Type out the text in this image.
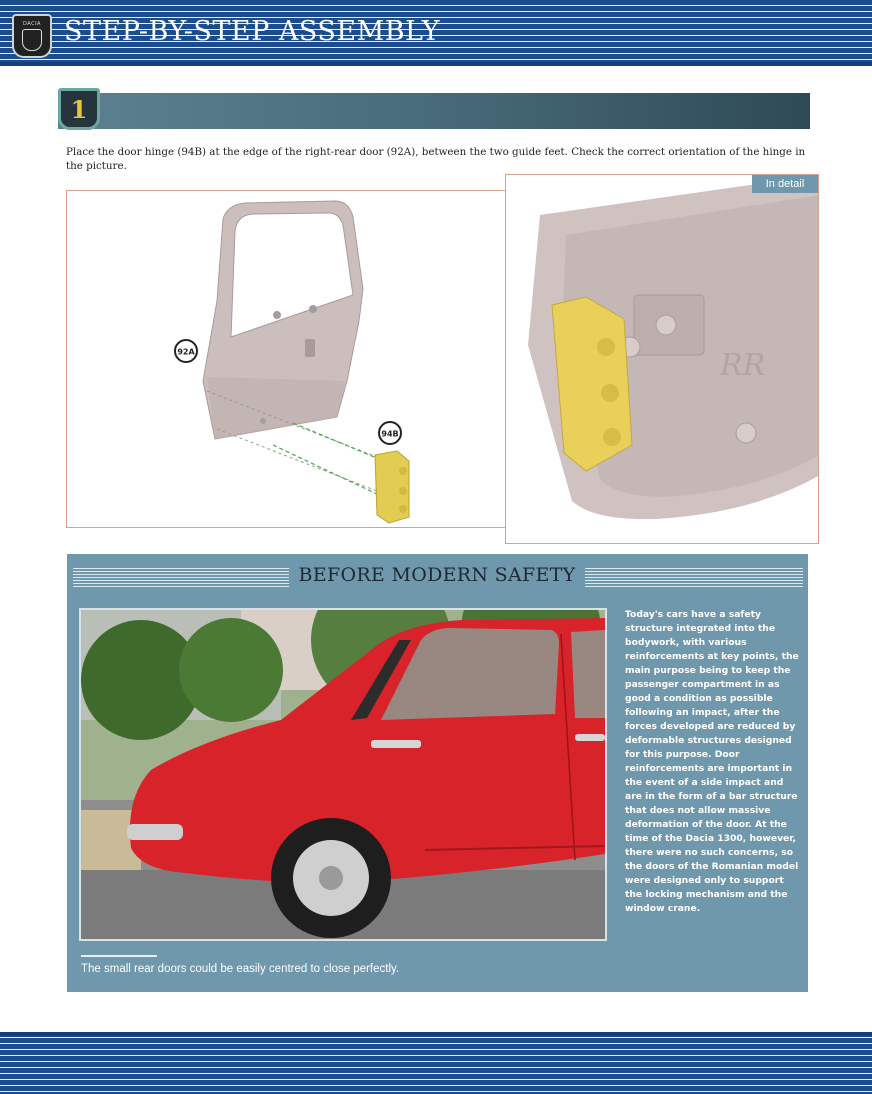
DACIA STEP-BY-STEP ASSEMBLY
1

Place the door hinge (94B) at the edge of the right-rear door (92A), between the two guide feet. Check the correct orientation of the hinge in the picture.

92A
94B
RR
In detail
BEFORE MODERN SAFETY

Today's cars have a safety structure integrated into the bodywork, with various reinforcements at key points, the main purpose being to keep the passenger compartment in as good a condition as possible following an impact, after the forces developed are reduced by deformable structures designed for this purpose. Door reinforcements are important in the event of a side impact and are in the form of a bar structure that does not allow massive deformation of the door. At the time of the Dacia 1300, however, there were no such concerns, so the doors of the Romanian model were designed only to support the locking mechanism and the window crane.

The small rear doors could be easily centred to close perfectly.
